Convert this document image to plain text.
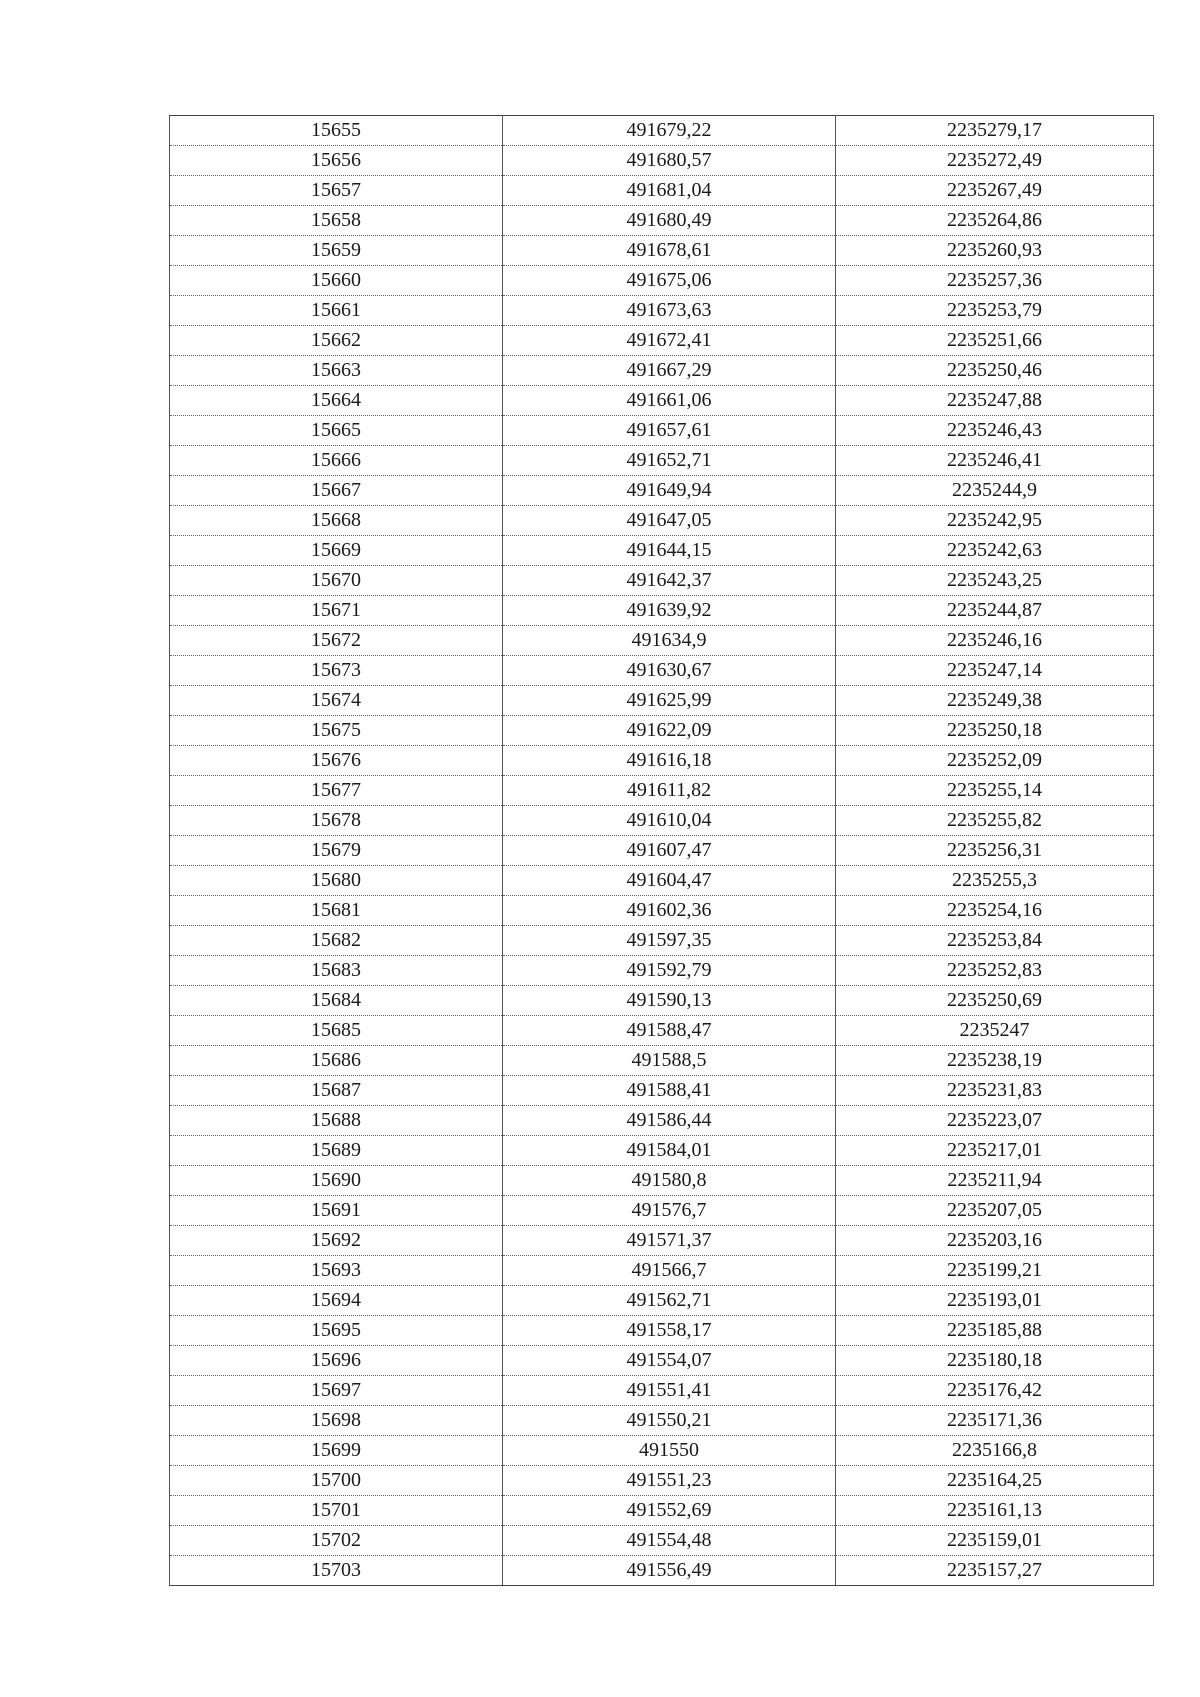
15655	491679,22	2235279,17
15656	491680,57	2235272,49
15657	491681,04	2235267,49
15658	491680,49	2235264,86
15659	491678,61	2235260,93
15660	491675,06	2235257,36
15661	491673,63	2235253,79
15662	491672,41	2235251,66
15663	491667,29	2235250,46
15664	491661,06	2235247,88
15665	491657,61	2235246,43
15666	491652,71	2235246,41
15667	491649,94	2235244,9
15668	491647,05	2235242,95
15669	491644,15	2235242,63
15670	491642,37	2235243,25
15671	491639,92	2235244,87
15672	491634,9	2235246,16
15673	491630,67	2235247,14
15674	491625,99	2235249,38
15675	491622,09	2235250,18
15676	491616,18	2235252,09
15677	491611,82	2235255,14
15678	491610,04	2235255,82
15679	491607,47	2235256,31
15680	491604,47	2235255,3
15681	491602,36	2235254,16
15682	491597,35	2235253,84
15683	491592,79	2235252,83
15684	491590,13	2235250,69
15685	491588,47	2235247
15686	491588,5	2235238,19
15687	491588,41	2235231,83
15688	491586,44	2235223,07
15689	491584,01	2235217,01
15690	491580,8	2235211,94
15691	491576,7	2235207,05
15692	491571,37	2235203,16
15693	491566,7	2235199,21
15694	491562,71	2235193,01
15695	491558,17	2235185,88
15696	491554,07	2235180,18
15697	491551,41	2235176,42
15698	491550,21	2235171,36
15699	491550	2235166,8
15700	491551,23	2235164,25
15701	491552,69	2235161,13
15702	491554,48	2235159,01
15703	491556,49	2235157,27
